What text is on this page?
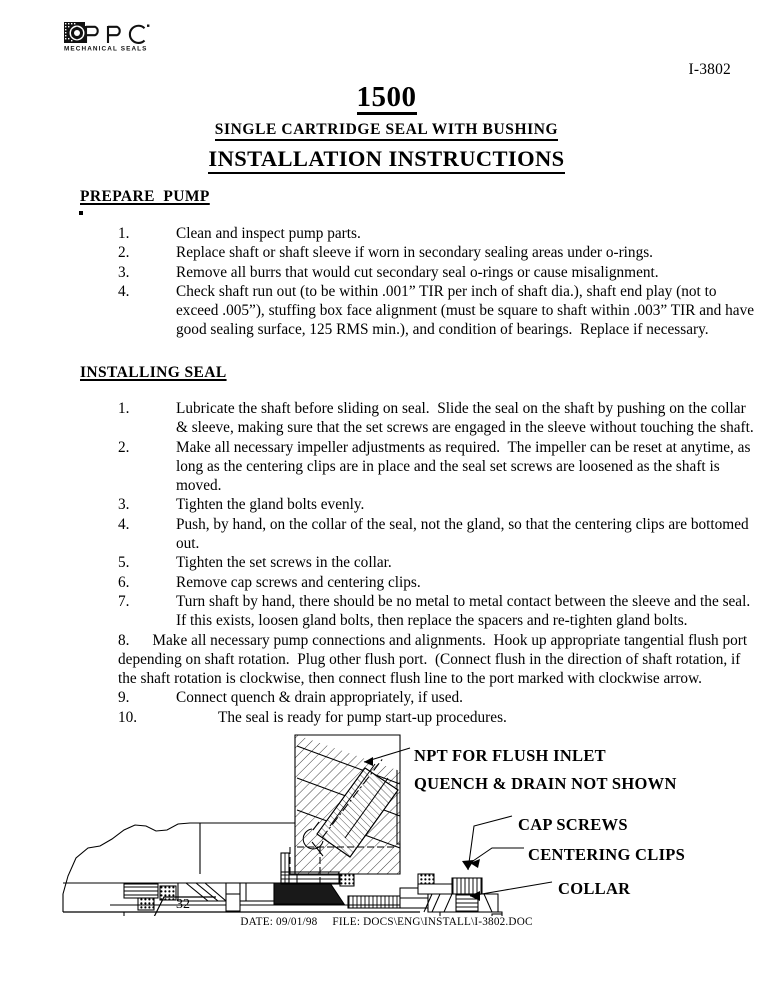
MECHANICAL SEALS
I-3802
1500
SINGLE CARTRIDGE SEAL WITH BUSHING
INSTALLATION INSTRUCTIONS
PREPARE  PUMP
1.	Clean and inspect pump parts.
2.	Replace shaft or shaft sleeve if worn in secondary sealing areas under o-rings.
3.	Remove all burrs that would cut secondary seal o-rings or cause misalignment.
4.	Check shaft run out (to be within .001” TIR per inch of shaft dia.), shaft end play (not to exceed .005”), stuffing box face alignment (must be square to shaft within .003” TIR and have good sealing surface, 125 RMS min.), and condition of bearings.  Replace if necessary.
INSTALLING SEAL
1.	Lubricate the shaft before sliding on seal.  Slide the seal on the shaft by pushing on the collar & sleeve, making sure that the set screws are engaged in the sleeve without touching the shaft.
2.	Make all necessary impeller adjustments as required.  The impeller can be reset at anytime, as long as the centering clips are in place and the seal set screws are loosened as the shaft is moved.
3.	Tighten the gland bolts evenly.
4.	Push, by hand, on the collar of the seal, not the gland, so that the centering clips are bottomed out.
5.	Tighten the set screws in the collar.
6.	Remove cap screws and centering clips.
7.	Turn shaft by hand, there should be no metal to metal contact between the sleeve and the seal.  If this exists, loosen gland bolts, then replace the spacers and re-tighten gland bolts.
8.	Make all necessary pump connections and alignments.  Hook up appropriate tangential flush port depending on shaft rotation.  Plug other flush port.  (Connect flush in the direction of shaft rotation, if the shaft rotation is clockwise, then connect flush line to the port marked with clockwise arrow.
9.	Connect quench & drain appropriately, if used.
10.	The seal is ready for pump start-up procedures.
32
NPT FOR FLUSH INLET
QUENCH & DRAIN NOT SHOWN
CAP SCREWS
CENTERING CLIPS
COLLAR
DATE: 09/01/98 FILE: DOCS\ENG\INSTALL\I-3802.DOC
